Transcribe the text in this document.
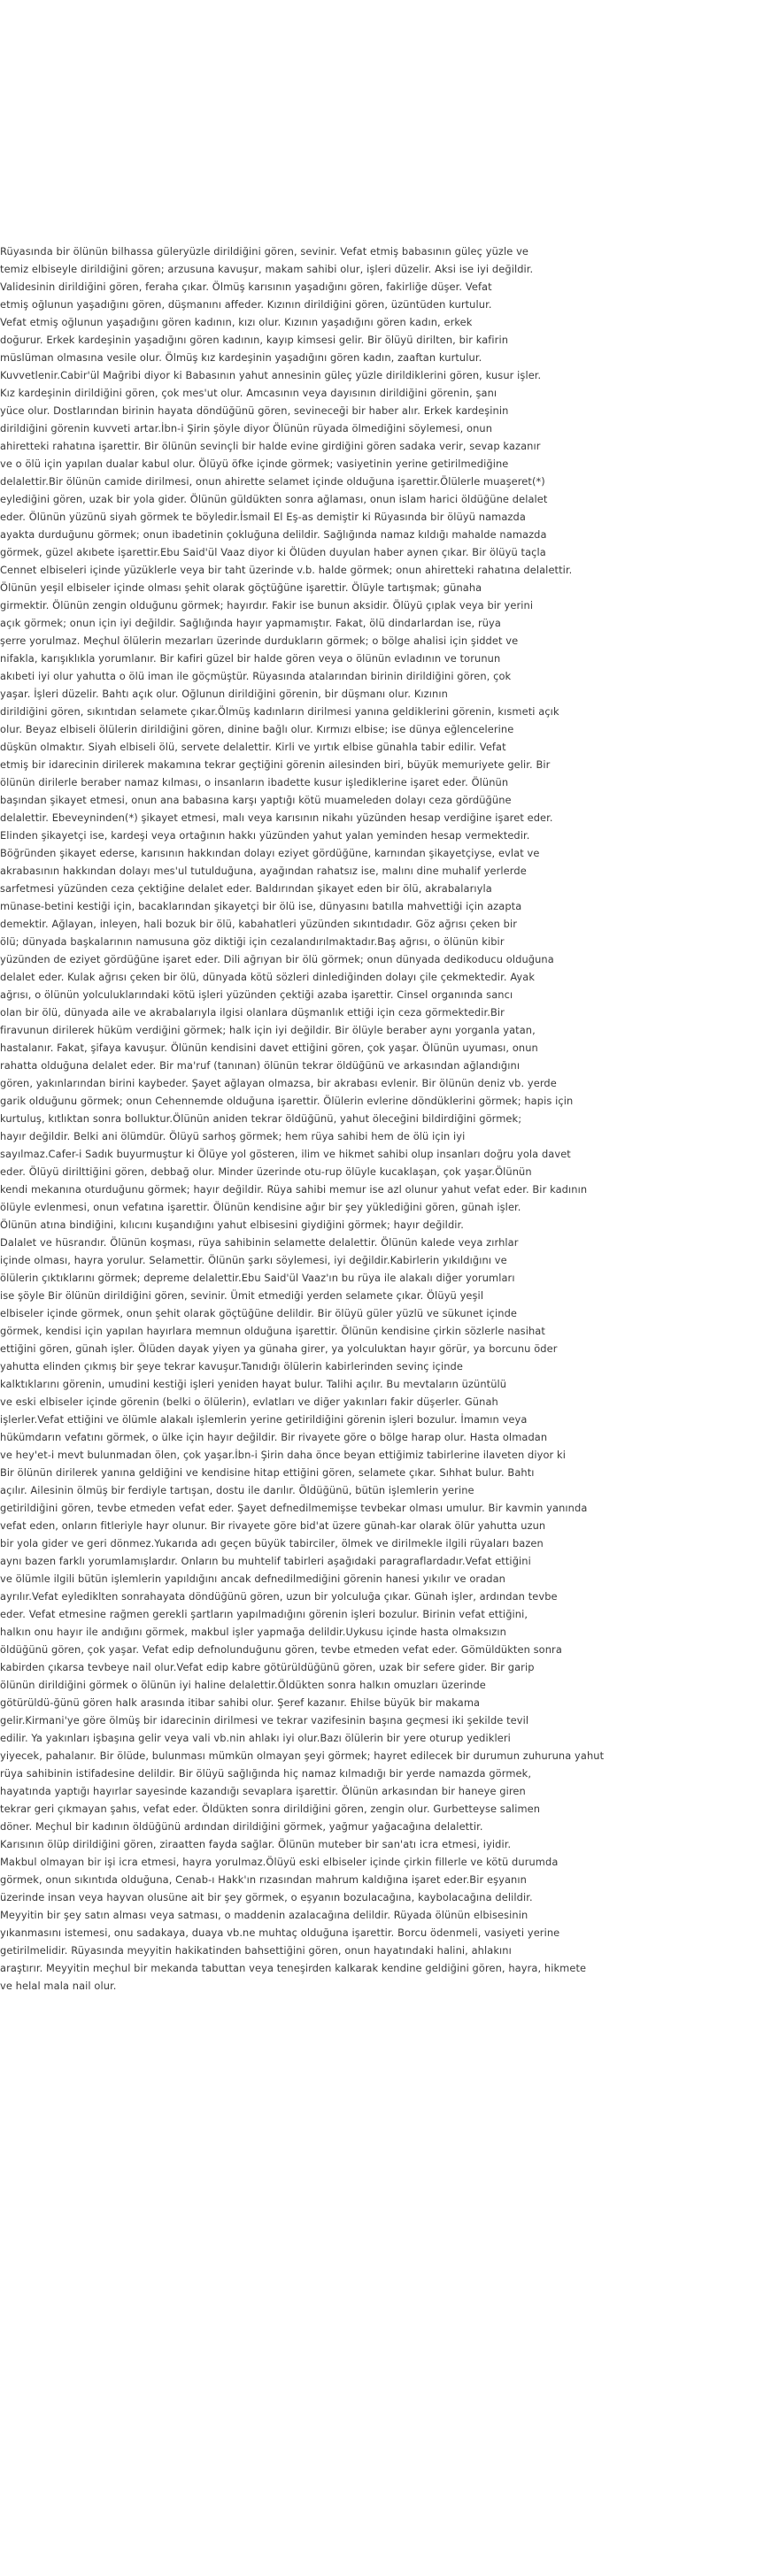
Rüyasında bir ölünün bilhassa güleryüzle dirildiğini gören, sevinir. Vefat etmiş babasının güleç yüzle ve
temiz elbiseyle dirildiğini gören; arzusuna kavuşur, makam sahibi olur, işleri düzelir. Aksi ise iyi değildir.
Validesinin dirildiğini gören, ferahа çıkar. Ölmüş karısının yaşadığını gören, fakirliğe düşer. Vefat
etmiş oğlunun yaşadığını gören, düşmanını affeder. Kızının dirildiğini gören, üzüntüden kurtulur.
Vefat etmiş oğlunun yaşadığını gören kadının, kızı olur. Kızının yaşadığını gören kadın, erkek
doğurur. Erkek kardeşinin yaşadığını gören kadının, kayıp kimsesi gelir. Bir ölüyü dirilten, bir kafirin
müslüman olmasına vesile olur. Ölmüş kız kardeşinin yaşadığını gören kadın, zaaftan kurtulur.
Kuvvetlenir.Cabir'ül Mağribi diyor ki Babasının yahut annesinin güleç yüzle dirildiklerini gören, kusur işler.
Kız kardeşinin dirildiğini gören, çok mes'ut olur. Amcasının veya dayısının dirildiğini görenin, şanı
yüce olur. Dostlarından birinin hayata döndüğünü gören, sevineceği bir haber alır. Erkek kardeşinin
dirildiğini görenin kuvveti artar.İbn-i Şirin şöyle diyor Ölünün rüyada ölmediğini söylemesi, onun
ahiretteki rahatına işarettir. Bir ölünün sevinçli bir halde evine girdiğini gören sadaka verir, sevap kazanır
ve o ölü için yapılan dualar kabul olur. Ölüyü öfke içinde görmek; vasiyetinin yerine getirilmediğine
delalettir.Bir ölünün camide dirilmesi, onun ahirette selamet içinde olduğuna işarettir.Ölülerle muaşeret(*)
eylediğini gören, uzak bir yola gider. Ölünün güldükten sonra ağlaması, onun islam harici öldüğüne delalet
eder. Ölünün yüzünü siyah görmek te böyledir.İsmail El Eş-as demiştir ki Rüyasında bir ölüyü namazda
ayakta durduğunu görmek; onun ibadetinin çokluğuna delildir. Sağlığında namaz kıldığı mahalde namazda
görmek, güzel akıbete işarettir.Ebu Said'ül Vaaz diyor ki Ölüden duyulan haber aynen çıkar. Bir ölüyü taçla
Cennet elbiseleri içinde yüzüklerle veya bir taht üzerinde v.b. halde görmek; onun ahiretteki rahatına delalettir.
Ölünün yeşil elbiseler içinde olması şehit olarak göçtüğüne işarettir. Ölüyle tartışmak; günaha
girmektir. Ölünün zengin olduğunu görmek; hayırdır. Fakir ise bunun aksidir. Ölüyü çıplak veya bir yerini
açık görmek; onun için iyi değildir. Sağlığında hayır yapmamıştır. Fakat, ölü dindarlardan ise, rüya
şerre yorulmaz. Meçhul ölülerin mezarları üzerinde durdukların görmek; o bölge ahalisi için şiddet ve
nifakla, karışıklıkla yorumlanır. Bir kafiri güzel bir halde gören veya o ölünün evladının ve torunun
akıbeti iyi olur yahutta o ölü iman ile göçmüştür. Rüyasında atalarından birinin dirildiğini gören, çok
yaşar. İşleri düzelir. Bahtı açık olur. Oğlunun dirildiğini görenin, bir düşmanı olur. Kızının
dirildiğini gören, sıkıntıdan selamete çıkar.Ölmüş kadınların dirilmesi yanına geldiklerini görenin, kısmeti açık
olur. Beyaz elbiseli ölülerin dirildiğini gören, dinine bağlı olur. Kırmızı elbise; ise dünya eğlencelerine
düşkün olmaktır. Siyah elbiseli ölü, servete delalettir. Kirli ve yırtık elbise günahla tabir edilir. Vefat
etmiş bir idarecinin dirilerek makamına tekrar geçtiğini görenin ailesinden biri, büyük memuriyete gelir. Bir
ölünün dirilerle beraber namaz kılması, o insanların ibadette kusur işlediklerine işaret eder. Ölünün
başından şikayet etmesi, onun ana babasına karşı yaptığı kötü muameleden dolayı ceza gördüğüne
delalettir. Ebeveyninden(*) şikayet etmesi, malı veya karısının nikahı yüzünden hesap verdiğine işaret eder.
Elinden şikayetçi ise, kardeşi veya ortağının hakkı yüzünden yahut yalan yeminden hesap vermektedir.
Böğründen şikayet ederse, karısının hakkından dolayı eziyet gördüğüne, karnından şikayetçiyse, evlat ve
akrabasının hakkından dolayı mes'ul tutulduğuna, ayağından rahatsız ise, malını dine muhalif yerlerde
sarfetmesi yüzünden ceza çektiğine delalet eder. Baldırından şikayet eden bir ölü, akrabalarıyla
münase-betini kestiği için, bacaklarından şikayetçi bir ölü ise, dünyasını batılla mahvettiği için azapta
demektir. Ağlayan, inleyen, hali bozuk bir ölü, kabahatleri yüzünden sıkıntıdadır. Göz ağrısı çeken bir
ölü; dünyada başkalarının namusuna göz diktiği için cezalandırılmaktadır.Baş ağrısı, o ölünün kibir
yüzünden de eziyet gördüğüne işaret eder. Dili ağrıyan bir ölü görmek; onun dünyada dedikoducu olduğuna
delalet eder. Kulak ağrısı çeken bir ölü, dünyada kötü sözleri dinlediğinden dolayı çile çekmektedir. Ayak
ağrısı, o ölünün yolculuklarındaki kötü işleri yüzünden çektiği azaba işarettir. Cinsel organında sancı
olan bir ölü, dünyada aile ve akrabalarıyla ilgisi olanlara düşmanlık ettiği için ceza görmektedir.Bir
firavunun dirilerek hüküm verdiğini görmek; halk için iyi değildir. Bir ölüyle beraber aynı yorganla yatan,
hastalanır. Fakat, şifaya kavuşur. Ölünün kendisini davet ettiğini gören, çok yaşar. Ölünün uyuması, onun
rahatta olduğuna delalet eder. Bir ma'ruf (tanınan) ölünün tekrar öldüğünü ve arkasından ağlandığını
gören, yakınlarından birini kaybeder. Şayet ağlayan olmazsa, bir akrabası evlenir. Bir ölünün deniz vb. yerde
garik olduğunu görmek; onun Cehennemde olduğuna işarettir. Ölülerin evlerine döndüklerini görmek; hapis için
kurtuluş, kıtlıktan sonra bolluktur.Ölünün aniden tekrar öldüğünü, yahut öleceğini bildirdiğini görmek;
hayır değildir. Belki ani ölümdür. Ölüyü sarhoş görmek; hem rüya sahibi hem de ölü için iyi
sayılmaz.Cafer-i Sadık buyurmuştur ki Ölüye yol gösteren, ilim ve hikmet sahibi olup insanları doğru yola davet
eder. Ölüyü dirilttiğini gören, debbağ olur. Minder üzerinde otu-rup ölüyle kucaklaşan, çok yaşar.Ölünün
kendi mekanına oturduğunu görmek; hayır değildir. Rüya sahibi memur ise azl olunur yahut vefat eder. Bir kadının
ölüyle evlenmesi, onun vefatına işarettir. Ölünün kendisine ağır bir şey yüklediğini gören, günah işler.
Ölünün atına bindiğini, kılıcını kuşandığını yahut elbisesini giydiğini görmek; hayır değildir.
Dalalet ve hüsrandır. Ölünün koşması, rüya sahibinin selamette delalettir. Ölünün kalede veya zırhlar
içinde olması, hayra yorulur. Selamettir. Ölünün şarkı söylemesi, iyi değildir.Kabirlerin yıkıldığını ve
ölülerin çıktıklarını görmek; depreme delalettir.Ebu Said'ül Vaaz'ın bu rüya ile alakalı diğer yorumları
ise şöyle Bir ölünün dirildiğini gören, sevinir. Ümit etmediği yerden selamete çıkar. Ölüyü yeşil
elbiseler içinde görmek, onun şehit olarak göçtüğüne delildir. Bir ölüyü güler yüzlü ve sükunet içinde
görmek, kendisi için yapılan hayırlara memnun olduğuna işarettir. Ölünün kendisine çirkin sözlerle nasihat
ettiğini gören, günah işler. Ölüden dayak yiyen ya günaha girer, ya yolculuktan hayır görür, ya borcunu öder
yahutta elinden çıkmış bir şeye tekrar kavuşur.Tanıdığı ölülerin kabirlerinden sevinç içinde
kalktıklarını görenin, umudini kestiği işleri yeniden hayat bulur. Talihi açılır. Bu mevtaların üzüntülü
ve eski elbiseler içinde görenin (belki o ölülerin), evlatları ve diğer yakınları fakir düşerler. Günah
işlerler.Vefat ettiğini ve ölümle alakalı işlemlerin yerine getirildiğini görenin işleri bozulur. İmamın veya
hükümdarın vefatını görmek, o ülke için hayır değildir. Bir rivayete göre o bölge harap olur. Hasta olmadan
ve hey'et-i mevt bulunmadan ölen, çok yaşar.İbn-i Şirin daha önce beyan ettiğimiz tabirlerine ilaveten diyor ki
Bir ölünün dirilerek yanına geldiğini ve kendisine hitap ettiğini gören, selamete çıkar. Sıhhat bulur. Bahtı
açılır. Ailesinin ölmüş bir ferdiyle tartışan, dostu ile darılır. Öldüğünü, bütün işlemlerin yerine
getirildiğini gören, tevbe etmeden vefat eder. Şayet defnedilmemişse tevbekar olması umulur. Bir kavmin yanında
vefat eden, onların fitleriyle hayr olunur. Bir rivayete göre bid'at üzere günah-kar olarak ölür yahutta uzun
bir yola gider ve geri dönmez.Yukarıda adı geçen büyük tabirciler, ölmek ve dirilmekle ilgili rüyaları bazen
aynı bazen farklı yorumlamışlardır. Onların bu muhtelif tabirleri aşağıdaki paragraflardadır.Vefat ettiğini
ve ölümle ilgili bütün işlemlerin yapıldığını ancak defnedilmediğini görenin hanesi yıkılır ve oradan
ayrılır.Vefat eylediklten sonrahayata döndüğünü gören, uzun bir yolculuğa çıkar. Günah işler, ardından tevbe
eder. Vefat etmesine rağmen gerekli şartların yapılmadığını görenin işleri bozulur. Birinin vefat ettiğini,
halkın onu hayır ile andığını görmek, makbul işler yapmağa delildir.Uykusu içinde hasta olmaksızın
öldüğünü gören, çok yaşar. Vefat edip defnolunduğunu gören, tevbe etmeden vefat eder. Gömüldükten sonra
kabirden çıkarsa tevbeye nail olur.Vefat edip kabre götürüldüğünü gören, uzak bir sefere gider. Bir garip
ölünün dirildiğini görmek o ölünün iyi haline delalettir.Öldükten sonra halkın omuzları üzerinde
götürüldü-ğünü gören halk arasında itibar sahibi olur. Şeref kazanır. Ehilse büyük bir makama
gelir.Kirmani'ye göre ölmüş bir idarecinin dirilmesi ve tekrar vazifesinin başına geçmesi iki şekilde tevil
edilir. Ya yakınları işbaşına gelir veya vali vb.nin ahlakı iyi olur.Bazı ölülerin bir yere oturup yedikleri
yiyecek, pahalanır. Bir ölüde, bulunması mümkün olmayan şeyi görmek; hayret edilecek bir durumun zuhuruna yahut
rüya sahibinin istifadesine delildir. Bir ölüyü sağlığında hiç namaz kılmadığı bir yerde namazda görmek,
hayatında yaptığı hayırlar sayesinde kazandığı sevaplara işarettir. Ölünün arkasından bir haneye giren
tekrar geri çıkmayan şahıs, vefat eder. Öldükten sonra dirildiğini gören, zengin olur. Gurbetteyse salimen
döner. Meçhul bir kadının öldüğünü ardından dirildiğini görmek, yağmur yağacağına delalettir.
Karısının ölüp dirildiğini gören, ziraatten fayda sağlar. Ölünün muteber bir san'atı icra etmesi, iyidir.
Makbul olmayan bir işi icra etmesi, hayra yorulmaz.Ölüyü eski elbiseler içinde çirkin fillerle ve kötü durumda
görmek, onun sıkıntıda olduğuna, Cenab-ı Hakk'ın rızasından mahrum kaldığına işaret eder.Bir eşyanın
üzerinde insan veya hayvan olusüne ait bir şey görmek, o eşyanın bozulacağına, kaybolacağına delildir.
Meyyitin bir şey satın alması veya satması, o maddenin azalacağına delildir. Rüyada ölünün elbisesinin
yıkanmasını istemesi, onu sadakaya, duaya vb.ne muhtaç olduğuna işarettir. Borcu ödenmeli, vasiyeti yerine
getirilmelidir. Rüyasında meyyitin hakikatinden bahsettiğini gören, onun hayatındaki halini, ahlakını
araştırır. Meyyitin meçhul bir mekanda tabuttan veya teneşirden kalkarak kendine geldiğini gören, hayra, hikmete
ve helal mala nail olur.
